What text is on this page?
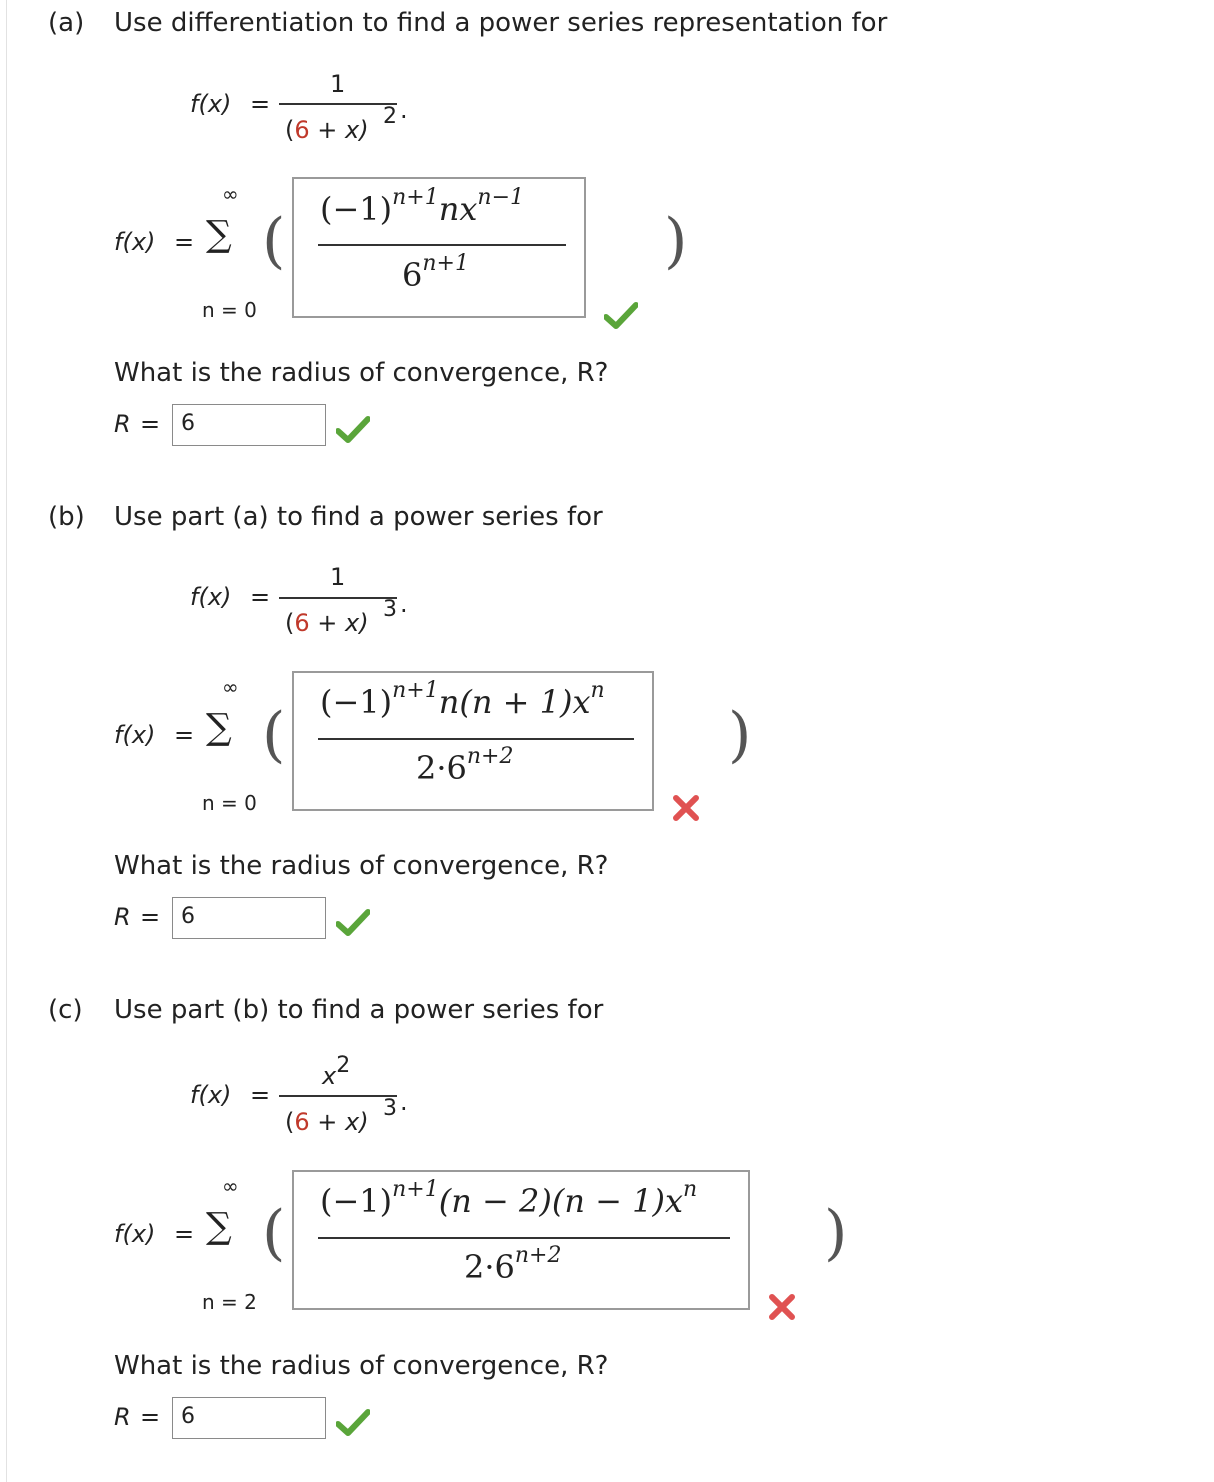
(a) Use differentiation to find a power series representation for
f(x) =
1
(6 + x) 2 .
f(x) =
∞
∑
n = 0
( $(-1)^{n+1}nx^{n-1}$
$6^{n+1}$	)
What is the radius of convergence, R?
R = 6
(b) Use part (a) to find a power series for
f(x) =
1
(6 + x) 3 .
f(x) =
∞
∑
n = 0
( $(-1)^{n+1}n(n + 1)x^n$
$2\cdot 6^{n+2}$	)
What is the radius of convergence, R?
R = 6
(c) Use part (b) to find a power series for
f(x) =
x2
(6 + x) 3 .
f(x) =
∞
∑
n = 2
( $(-1)^{n+1}(n - 2)(n - 1)x^n$
$2\cdot 6^{n+2}$	)
What is the radius of convergence, R?
R = 6
